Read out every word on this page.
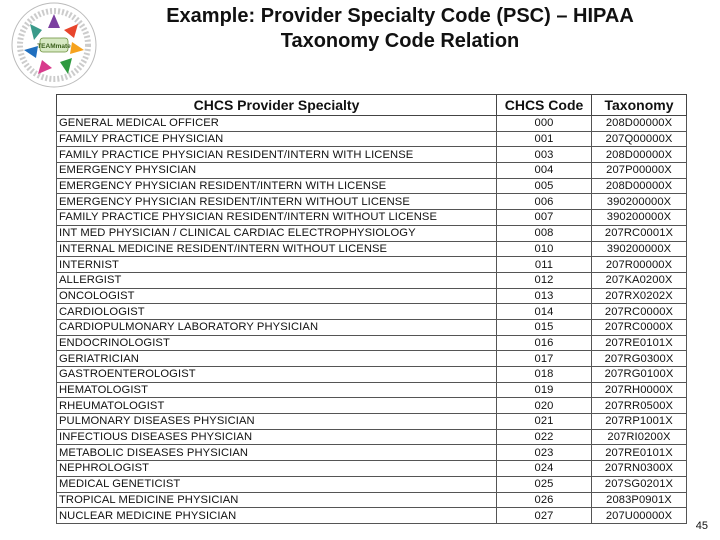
TEAMmate
Example: Provider Specialty Code (PSC) – HIPAA
Taxonomy Code Relation
CHCS Provider Specialty	CHCS Code	Taxonomy
GENERAL MEDICAL OFFICER	000	208D00000X
FAMILY PRACTICE PHYSICIAN	001	207Q00000X
FAMILY PRACTICE PHYSICIAN RESIDENT/INTERN WITH LICENSE	003	208D00000X
EMERGENCY PHYSICIAN	004	207P00000X
EMERGENCY PHYSICIAN RESIDENT/INTERN WITH LICENSE	005	208D00000X
EMERGENCY PHYSICIAN RESIDENT/INTERN WITHOUT LICENSE	006	390200000X
FAMILY PRACTICE PHYSICIAN RESIDENT/INTERN WITHOUT LICENSE	007	390200000X
INT MED PHYSICIAN / CLINICAL CARDIAC ELECTROPHYSIOLOGY	008	207RC0001X
INTERNAL MEDICINE RESIDENT/INTERN WITHOUT LICENSE	010	390200000X
INTERNIST	011	207R00000X
ALLERGIST	012	207KA0200X
ONCOLOGIST	013	207RX0202X
CARDIOLOGIST	014	207RC0000X
CARDIOPULMONARY LABORATORY PHYSICIAN	015	207RC0000X
ENDOCRINOLOGIST	016	207RE0101X
GERIATRICIAN	017	207RG0300X
GASTROENTEROLOGIST	018	207RG0100X
HEMATOLOGIST	019	207RH0000X
RHEUMATOLOGIST	020	207RR0500X
PULMONARY DISEASES PHYSICIAN	021	207RP1001X
INFECTIOUS DISEASES PHYSICIAN	022	207RI0200X
METABOLIC DISEASES PHYSICIAN	023	207RE0101X
NEPHROLOGIST	024	207RN0300X
MEDICAL GENETICIST	025	207SG0201X
TROPICAL MEDICINE PHYSICIAN	026	2083P0901X
NUCLEAR MEDICINE PHYSICIAN	027	207U00000X
45
